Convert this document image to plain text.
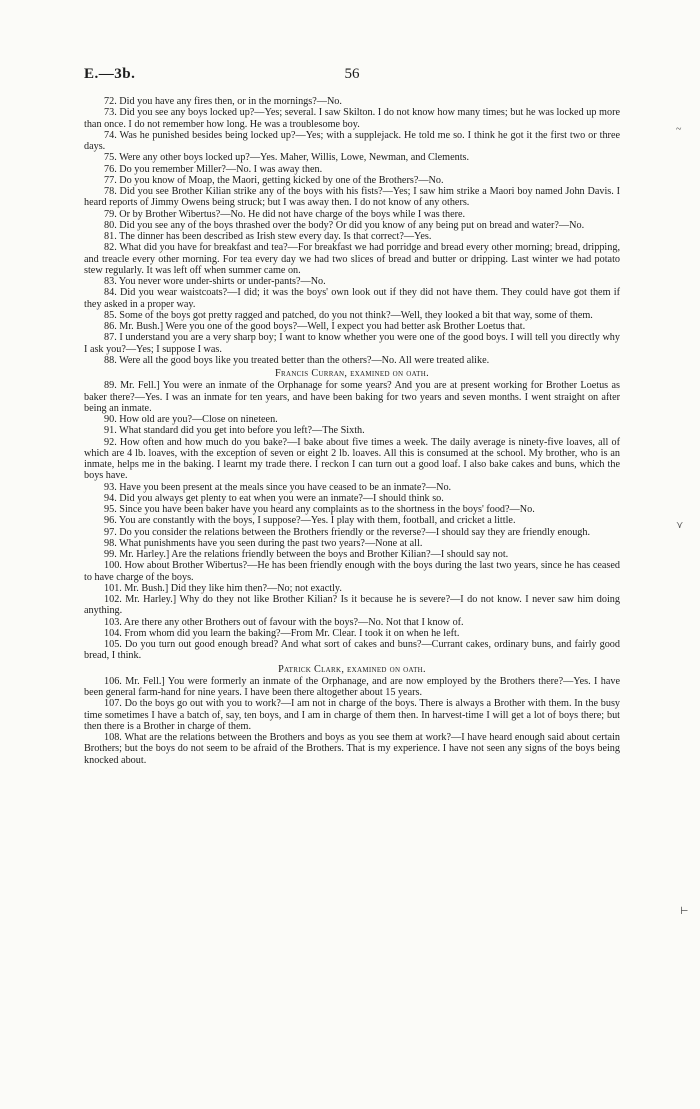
E.—3b.	56

72. Did you have any fires then, or in the mornings?—No.

73. Did you see any boys locked up?—Yes; several. I saw Skilton. I do not know how many times; but he was locked up more than once. I do not remember how long. He was a troublesome boy.

74. Was he punished besides being locked up?—Yes; with a supplejack. He told me so. I think he got it the first two or three days.

75. Were any other boys locked up?—Yes. Maher, Willis, Lowe, Newman, and Clements.

76. Do you remember Miller?—No. I was away then.

77. Do you know of Moap, the Maori, getting kicked by one of the Brothers?—No.

78. Did you see Brother Kilian strike any of the boys with his fists?—Yes; I saw him strike a Maori boy named John Davis. I heard reports of Jimmy Owens being struck; but I was away then. I do not know of any others.

79. Or by Brother Wibertus?—No. He did not have charge of the boys while I was there.

80. Did you see any of the boys thrashed over the body? Or did you know of any being put on bread and water?—No.

81. The dinner has been described as Irish stew every day. Is that correct?—Yes.

82. What did you have for breakfast and tea?—For breakfast we had porridge and bread every other morning; bread, dripping, and treacle every other morning. For tea every day we had two slices of bread and butter or dripping. Last winter we had potato stew regularly. It was left off when summer came on.

83. You never wore under-shirts or under-pants?—No.

84. Did you wear waistcoats?—I did; it was the boys' own look out if they did not have them. They could have got them if they asked in a proper way.

85. Some of the boys got pretty ragged and patched, do you not think?—Well, they looked a bit that way, some of them.

86. Mr. Bush.] Were you one of the good boys?—Well, I expect you had better ask Brother Loetus that.

87. I understand you are a very sharp boy; I want to know whether you were one of the good boys. I will tell you directly why I ask you?—Yes; I suppose I was.

88. Were all the good boys like you treated better than the others?—No. All were treated alike.

Francis Curran, examined on oath.

89. Mr. Fell.] You were an inmate of the Orphanage for some years? And you are at present working for Brother Loetus as baker there?—Yes. I was an inmate for ten years, and have been baking for two years and seven months. I went straight on after being an inmate.

90. How old are you?—Close on nineteen.

91. What standard did you get into before you left?—The Sixth.

92. How often and how much do you bake?—I bake about five times a week. The daily average is ninety-five loaves, all of which are 4 lb. loaves, with the exception of seven or eight 2 lb. loaves. All this is consumed at the school. My brother, who is an inmate, helps me in the baking. I learnt my trade there. I reckon I can turn out a good loaf. I also bake cakes and buns, which the boys have.

93. Have you been present at the meals since you have ceased to be an inmate?—No.

94. Did you always get plenty to eat when you were an inmate?—I should think so.

95. Since you have been baker have you heard any complaints as to the shortness in the boys' food?—No.

96. You are constantly with the boys, I suppose?—Yes. I play with them, football, and cricket a little.

97. Do you consider the relations between the Brothers friendly or the reverse?—I should say they are friendly enough.

98. What punishments have you seen during the past two years?—None at all.

99. Mr. Harley.] Are the relations friendly between the boys and Brother Kilian?—I should say not.

100. How about Brother Wibertus?—He has been friendly enough with the boys during the last two years, since he has ceased to have charge of the boys.

101. Mr. Bush.] Did they like him then?—No; not exactly.

102. Mr. Harley.] Why do they not like Brother Kilian? Is it because he is severe?—I do not know. I never saw him doing anything.

103. Are there any other Brothers out of favour with the boys?—No. Not that I know of.

104. From whom did you learn the baking?—From Mr. Clear. I took it on when he left.

105. Do you turn out good enough bread? And what sort of cakes and buns?—Currant cakes, ordinary buns, and fairly good bread, I think.

Patrick Clark, examined on oath.

106. Mr. Fell.] You were formerly an inmate of the Orphanage, and are now employed by the Brothers there?—Yes. I have been general farm-hand for nine years. I have been there altogether about 15 years.

107. Do the boys go out with you to work?—I am not in charge of the boys. There is always a Brother with them. In the busy time sometimes I have a batch of, say, ten boys, and I am in charge of them then. In harvest-time I will get a lot of boys there; but then there is a Brother in charge of them.

108. What are the relations between the Brothers and boys as you see them at work?—I have heard enough said about certain Brothers; but the boys do not seem to be afraid of the Brothers. That is my experience. I have not seen any signs of the boys being knocked about.

~
⋎
⊢
